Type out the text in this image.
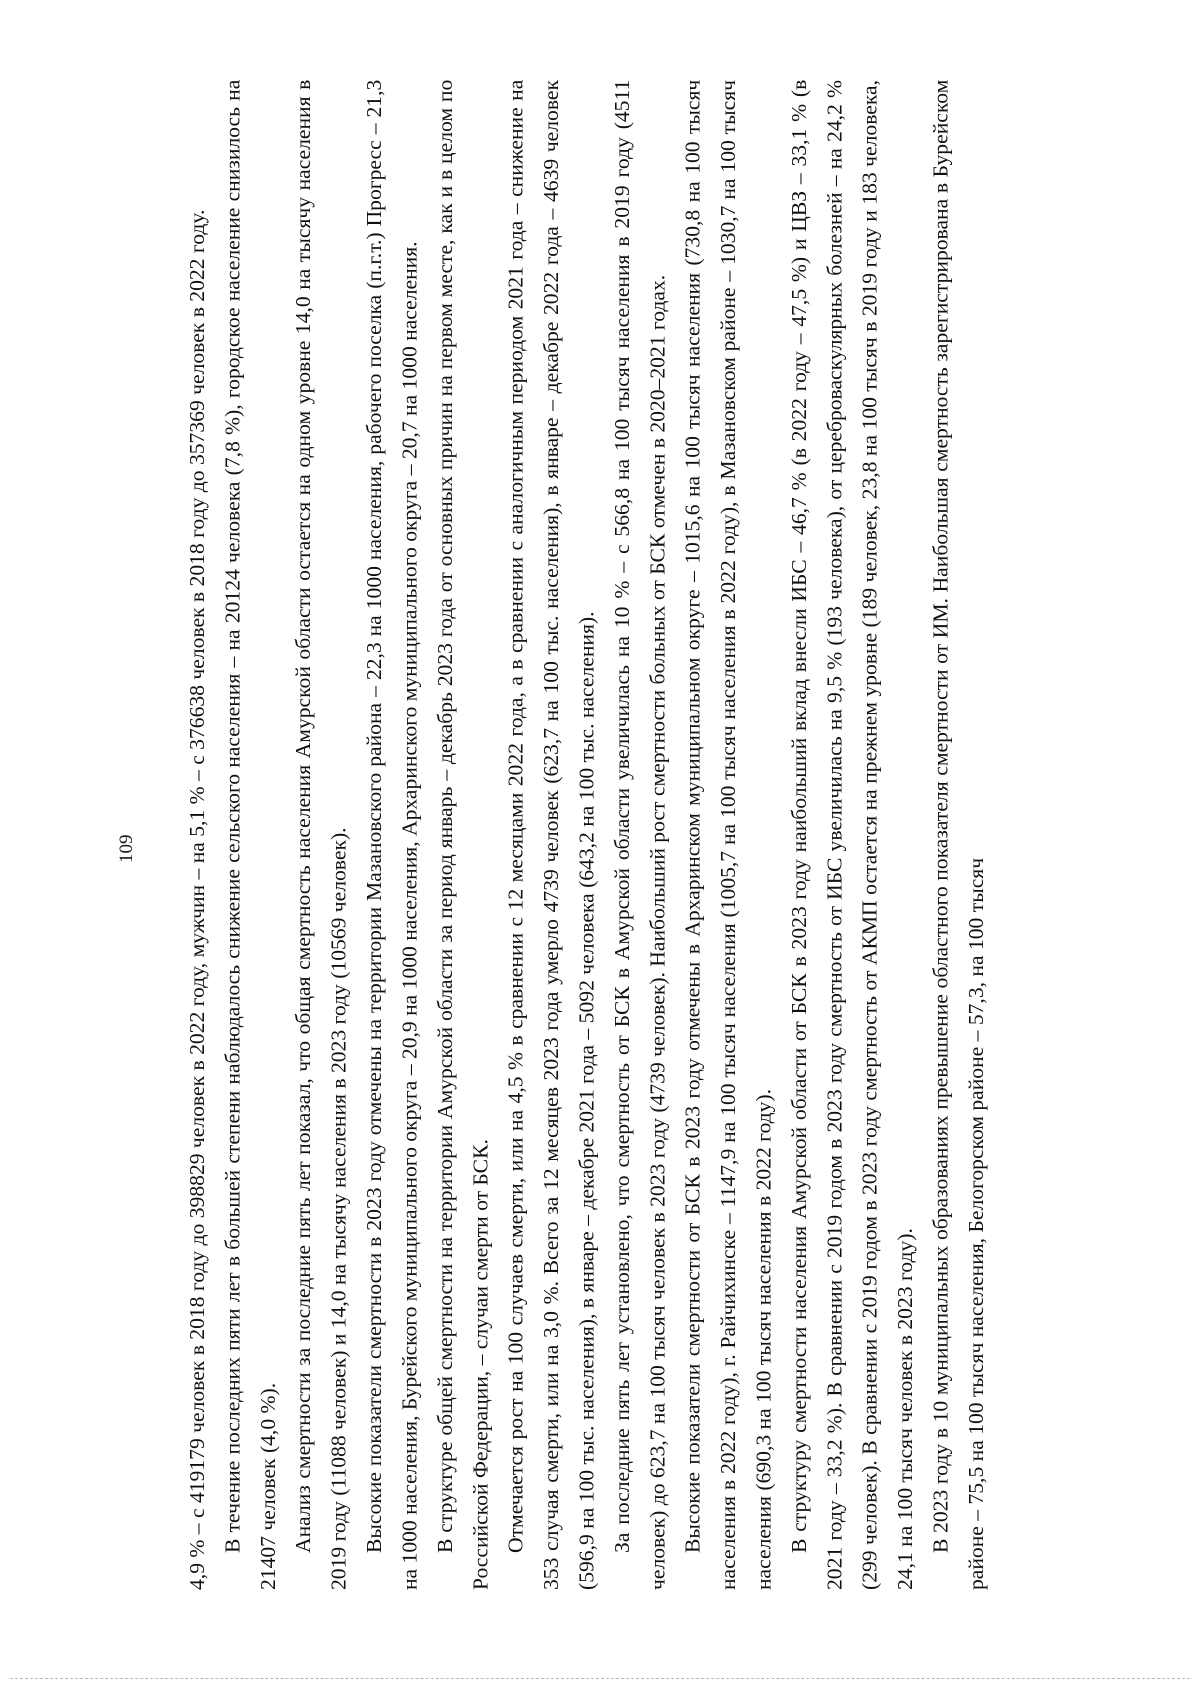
109	4,9 % – с 419179 человек в 2018 году до 398829 человек в 2022 году, мужчин – на 5,1 % – с 376638 человек в 2018 году до 357369 человек в 2022 году. В течение последних пяти лет в большей степени наблюдалось снижение сельского населения – на 20124 человека (7,8 %), городское население снизилось на 21407 человек (4,0 %). Анализ смертности за последние пять лет показал, что общая смертность населения Амурской области остается на одном уровне 14,0 на тысячу населения в 2019 году (11088 человек) и 14,0 на тысячу населения в 2023 году (10569 человек). Высокие показатели смертности в 2023 году отмечены на территории Мазановского района – 22,3 на 1000 населения, рабочего поселка (п.г.т.) Прогресс – 21,3 на 1000 населения, Бурейского муниципального округа – 20,9 на 1000 населения, Архаринского муниципального округа – 20,7 на 1000 населения. В структуре общей смертности на территории Амурской области за период январь – декабрь 2023 года от основных причин на первом месте, как и в целом по Российской Федерации, – случаи смерти от БСК. Отмечается рост на 100 случаев смерти, или на 4,5 % в сравнении с 12 месяцами 2022 года, а в сравнении с аналогичным периодом 2021 года – снижение на 353 случая смерти, или на 3,0 %. Всего за 12 месяцев 2023 года умерло 4739 человек (623,7 на 100 тыс. населения), в январе – декабре 2022 года – 4639 человек (596,9 на 100 тыс. населения), в январе – декабре 2021 года – 5092 человека (643,2 на 100 тыс. населения). За последние пять лет установлено, что смертность от БСК в Амурской области увеличилась на 10 % – с 566,8 на 100 тысяч населения в 2019 году (4511 человек) до 623,7 на 100 тысяч человек в 2023 году (4739 человек). Наибольший рост смертности больных от БСК отмечен в 2020–2021 годах. Высокие показатели смертности от БСК в 2023 году отмечены в Архаринском муниципальном округе – 1015,6 на 100 тысяч населения (730,8 на 100 тысяч населения в 2022 году), г. Райчихинске – 1147,9 на 100 тысяч населения (1005,7 на 100 тысяч населения в 2022 году), в Мазановском районе – 1030,7 на 100 тысяч населения (690,3 на 100 тысяч населения в 2022 году). В структуру смертности населения Амурской области от БСК в 2023 году наибольший вклад внесли ИБС – 46,7 % (в 2022 году – 47,5 %) и ЦВЗ – 33,1 % (в 2021 году – 33,2 %). В сравнении с 2019 годом в 2023 году смертность от ИБС увеличилась на 9,5 % (193 человека), от цереброваскулярных болезней – на 24,2 % (299 человек). В сравнении с 2019 годом в 2023 году смертность от АКМП остается на прежнем уровне (189 человек, 23,8 на 100 тысяч в 2019 году и 183 человека, 24,1 на 100 тысяч человек в 2023 году). В 2023 году в 10 муниципальных образованиях превышение областного показателя смертности от ИМ. Наибольшая смертность зарегистрирована в Бурейском районе – 75,5 на 100 тысяч населения, Белогорском районе – 57,3, на 100 тысяч
